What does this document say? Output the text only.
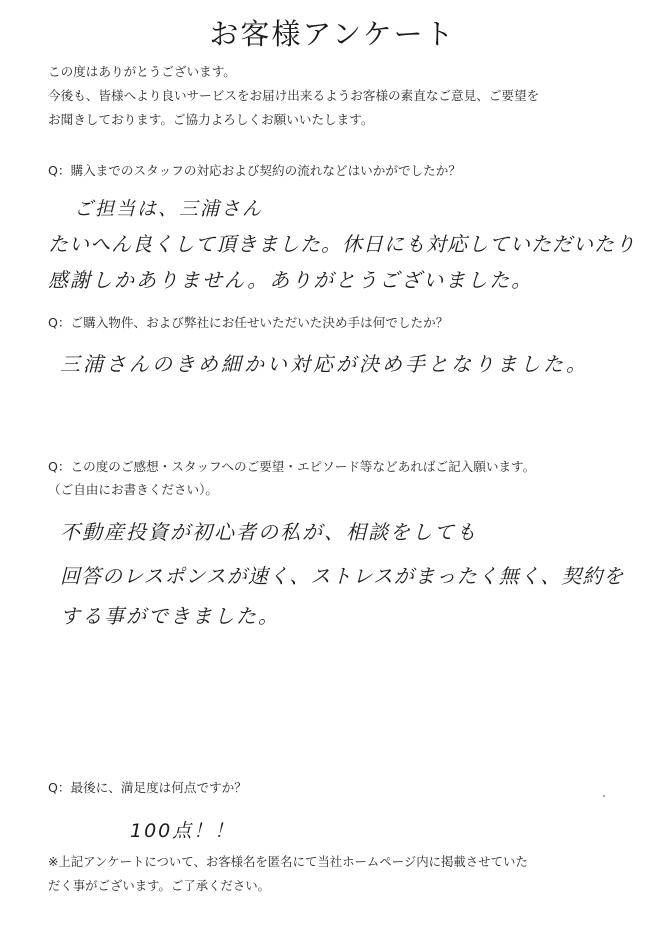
お客様アンケート
この度はありがとうございます。
今後も、皆様へより良いサービスをお届け出来るようお客様の素直なご意見、ご要望を
お聞きしております。ご協力よろしくお願いいたします。
Q：購入までのスタッフの対応および契約の流れなどはいかがでしたか？
ご担当は、三浦さん
たいへん良くして頂きました。休日にも対応していただいたり
感謝しかありません。ありがとうございました。
Q：ご購入物件、および弊社にお任せいただいた決め手は何でしたか？
三浦さんのきめ細かい対応が決め手となりました。
Q：この度のご感想・スタッフへのご要望・エピソード等などあればご記入願います。
（ご自由にお書きください）。
不動産投資が初心者の私が、相談をしても
回答のレスポンスが速く、ストレスがまったく無く、契約を
する事ができました。
Q：最後に、満足度は何点ですか？
100点！！
※上記アンケートについて、お客様名を匿名にて当社ホームページ内に掲載させていた
だく事がございます。ご了承ください。
